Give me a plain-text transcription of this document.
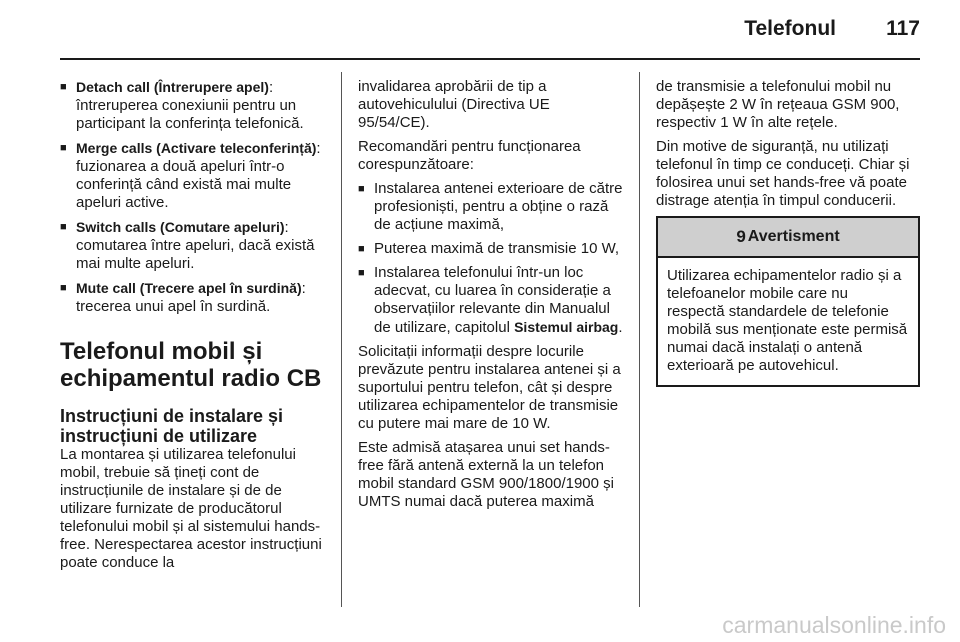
Telefonul 117
■ Detach call (Întrerupere apel): întreruperea conexiunii pentru un participant la conferința telefonică.
■ Merge calls (Activare teleconferință): fuzionarea a două apeluri într-o conferință când există mai multe apeluri active.
■ Switch calls (Comutare apeluri): comutarea între apeluri, dacă există mai multe apeluri.
■ Mute call (Trecere apel în surdină): trecerea unui apel în surdină.
Telefonul mobil și echipamentul radio CB
Instrucțiuni de instalare și instrucțiuni de utilizare

La montarea și utilizarea telefonului mobil, trebuie să țineți cont de instrucțiunile de instalare și de de utilizare furnizate de producătorul telefonului mobil și al sistemului hands-free. Nerespectarea acestor instrucțiuni poate conduce la

invalidarea aprobării de tip a autovehiculului (Directiva UE 95/54/CE).

Recomandări pentru funcționarea corespunzătoare:

■ Instalarea antenei exterioare de către profesioniști, pentru a obține o rază de acțiune maximă,
■ Puterea maximă de transmisie 10 W,
■ Instalarea telefonului într-un loc adecvat, cu luarea în considerație a observațiilor relevante din Manualul de utilizare, capitolul Sistemul airbag.

Solicitații informații despre locurile prevăzute pentru instalarea antenei și a suportului pentru telefon, cât și despre utilizarea echipamentelor de transmisie cu putere mai mare de 10 W.

Este admisă atașarea unui set hands-free fără antenă externă la un telefon mobil standard GSM 900/1800/1900 și UMTS numai dacă puterea maximă

de transmisie a telefonului mobil nu depășește 2 W în rețeaua GSM 900, respectiv 1 W în alte rețele.

Din motive de siguranță, nu utilizați telefonul în timp ce conduceți. Chiar și folosirea unui set hands-free vă poate distrage atenția în timpul conducerii.

9 Avertisment
Utilizarea echipamentelor radio și a telefoanelor mobile care nu respectă standardele de telefonie mobilă sus menționate este permisă numai dacă instalați o antenă exterioară pe autovehicul.
carmanualsonline.info
